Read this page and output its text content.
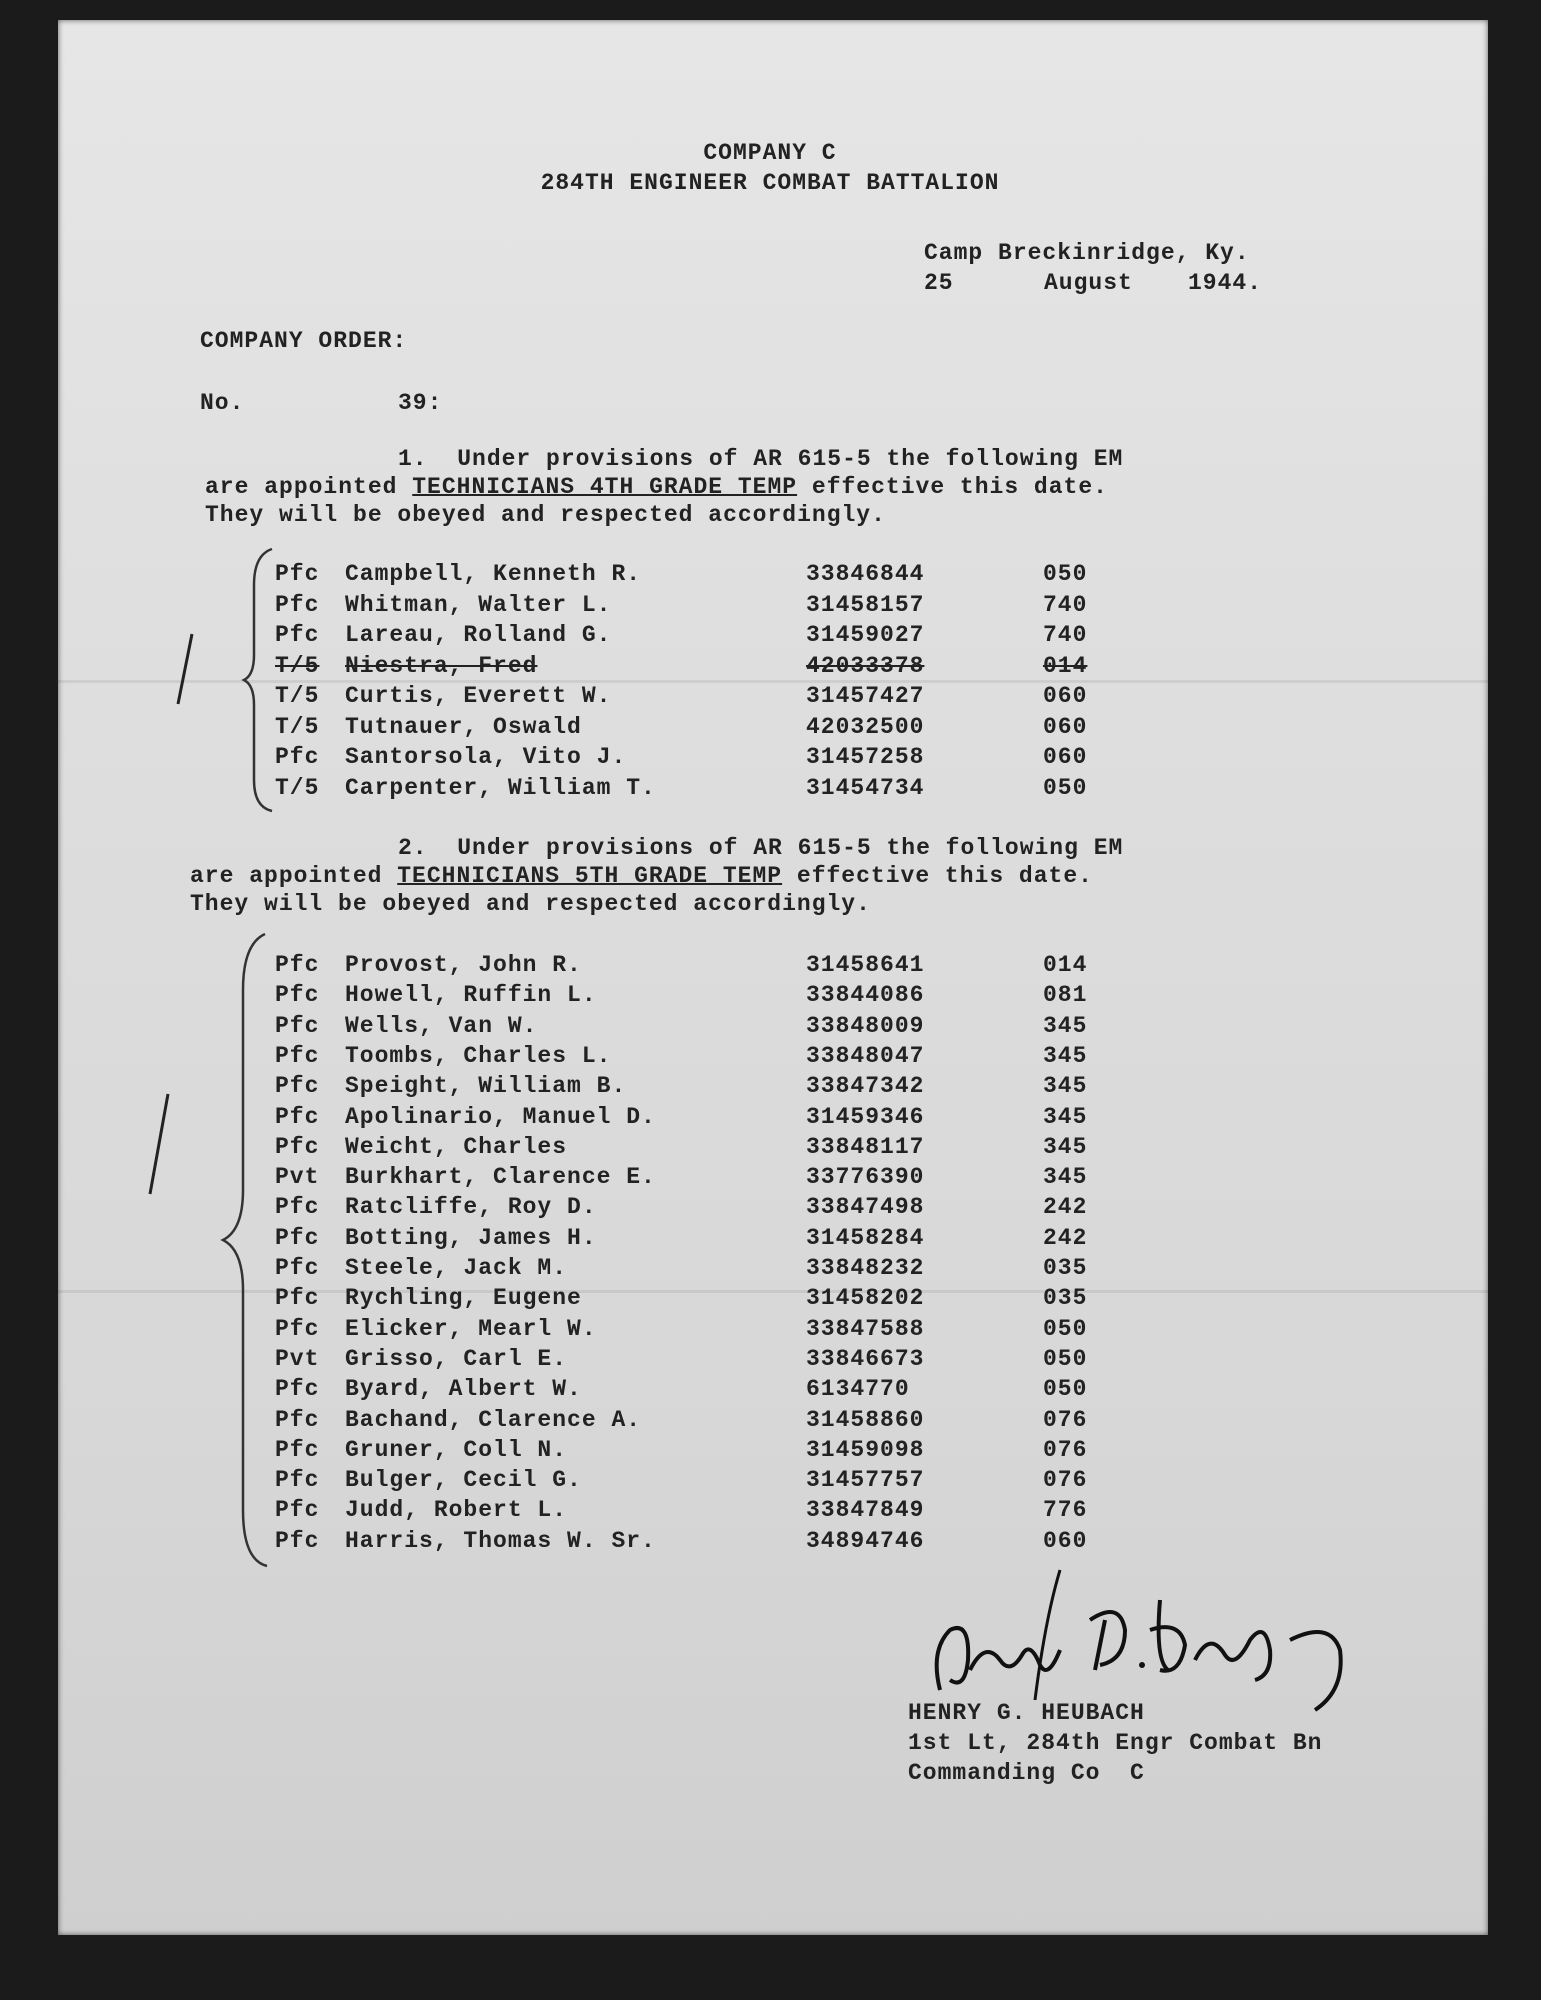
COMPANY C
284TH ENGINEER COMBAT BATTALION
Camp Breckinridge, Ky.
25	August 1944.
COMPANY ORDER:
No.	39:
1.  Under provisions of AR 615-5 the following EM
are appointed TECHNICIANS 4TH GRADE TEMP effective this date.
They will be obeyed and respected accordingly.
Pfc Campbell, Kenneth R.	33846844	050
Pfc Whitman, Walter L.	31458157	740
Pfc Lareau, Rolland G.	31459027	740
T/5 Niestra, Fred	42033378	014
T/5 Curtis, Everett W.	31457427	060
T/5 Tutnauer, Oswald	42032500	060
Pfc Santorsola, Vito J.	31457258	060
T/5 Carpenter, William T.	31454734	050
2.  Under provisions of AR 615-5 the following EM
are appointed TECHNICIANS 5TH GRADE TEMP effective this date.
They will be obeyed and respected accordingly.
Pfc Provost, John R.	31458641	014
Pfc Howell, Ruffin L.	33844086	081
Pfc Wells, Van W.	33848009	345
Pfc Toombs, Charles L.	33848047	345
Pfc Speight, William B.	33847342	345
Pfc Apolinario, Manuel D.	31459346	345
Pfc Weicht, Charles	33848117	345
Pvt Burkhart, Clarence E.	33776390	345
Pfc Ratcliffe, Roy D.	33847498	242
Pfc Botting, James H.	31458284	242
Pfc Steele, Jack M.	33848232	035
Pfc Rychling, Eugene	31458202	035
Pfc Elicker, Mearl W.	33847588	050
Pvt Grisso, Carl E.	33846673	050
Pfc Byard, Albert W.	6134770	050
Pfc Bachand, Clarence A.	31458860	076
Pfc Gruner, Coll N.	31459098	076
Pfc Bulger, Cecil G.	31457757	076
Pfc Judd, Robert L.	33847849	776
Pfc Harris, Thomas W. Sr.	34894746	060
HENRY G. HEUBACH
1st Lt, 284th Engr Combat Bn
Commanding Co  C
